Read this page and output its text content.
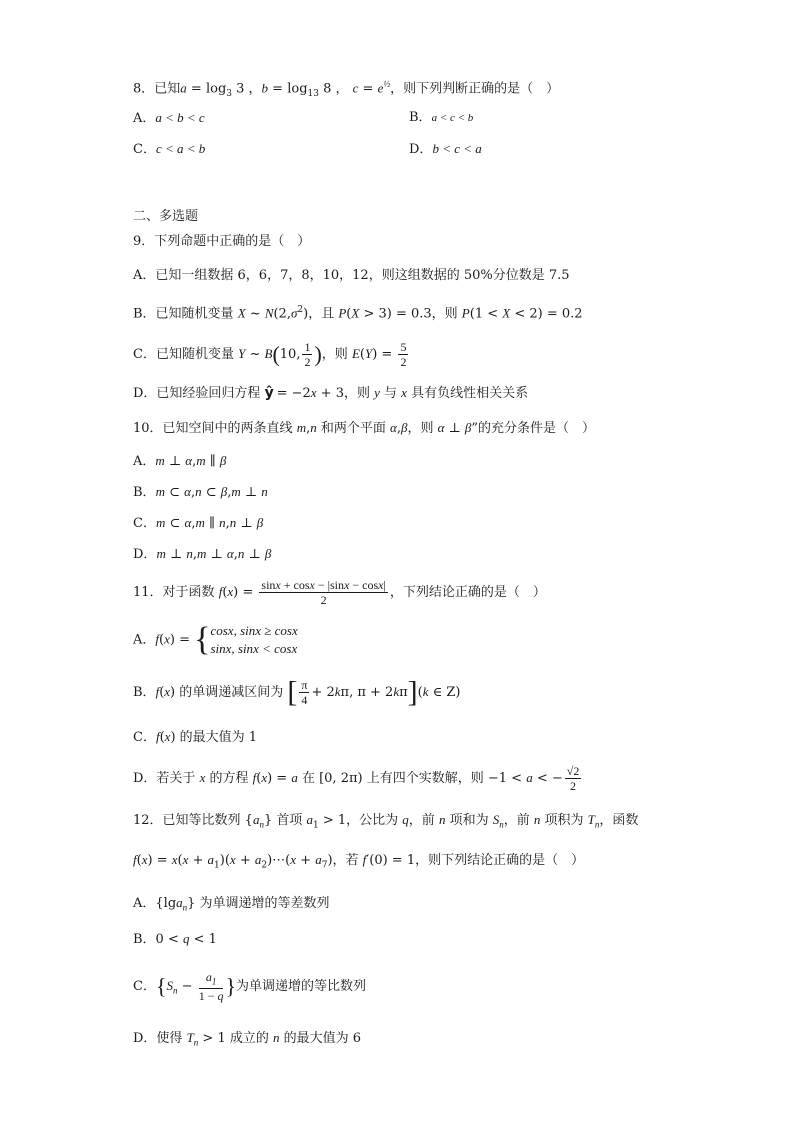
8．已知$a = \log_3 3$ ，$b = \log_{13} 8$ ， $c = e^{\frac{1}{2}}$，则下列判断正确的是（　）
A．a < b < c	B．a < c < b
C．c < a < b	D．b < c < a
二、多选题
9．下列命题中正确的是（　）
A．已知一组数据 6，6，7，8，10，12，则这组数据的 50%分位数是 7.5
B．已知随机变量 X ~ $N(2,\sigma^2)$，且 P(X > 3) = 0.3，则 P(1 < X < 2) = 0.2
C．已知随机变量 Y ~ B(10, $\frac{1}{2}$ )，则 $E(Y) = \frac{5}{2}$
D．已知经验回归方程 ŷ = −2x + 3，则 y 与 x 具有负线性相关关系
10．已知空间中的两条直线 m,n 和两个平面 α,β，则 α ⊥ β”的充分条件是（　）
A．m ⊥ α,m ∥ β
B．m ⊂ α,n ⊂ β,m ⊥ n
C．m ⊂ α,m ∥ n,n ⊥ β
D．m ⊥ n,m ⊥ α,n ⊥ β
11．对于函数 $f(x) = \frac{\sin x + \cos x - |\sin x - \cos x|}{2}$ ，下列结论正确的是（　）
A．f(x) = {cosx, sinx ≥ cosx
sinx, sinx < cosx
B．f(x) 的单调递减区间为 [ $\frac{\pi}{4} + 2k\pi$, π + 2kπ](k ∈ Z)
C．f(x) 的最大值为 1
D．若关于 x 的方程 f(x) = a 在 [0, 2π) 上有四个实数解，则 −1 < a < − $\frac{√2}{2}$
12．已知等比数列 $\{a_n\}$ 首项 $a_1 > 1$，公比为 q，前 n 项和为 $S_n$，前 n 项积为 $T_n$，函数
$f(x) = x(x + a_1)(x$ + $a_2)\cdots(x + a_7)$，若 f′(0) = 1，则下列结论正确的是（　）
A．{lga$_n$} 为单调递增的等差数列
B．0 < q < 1
C．{$S_n - \frac{a_1}{1 - q}$ }为单调递增的等比数列
D．使得 $T_n > 1$ 成立的 n 的最大值为 6
